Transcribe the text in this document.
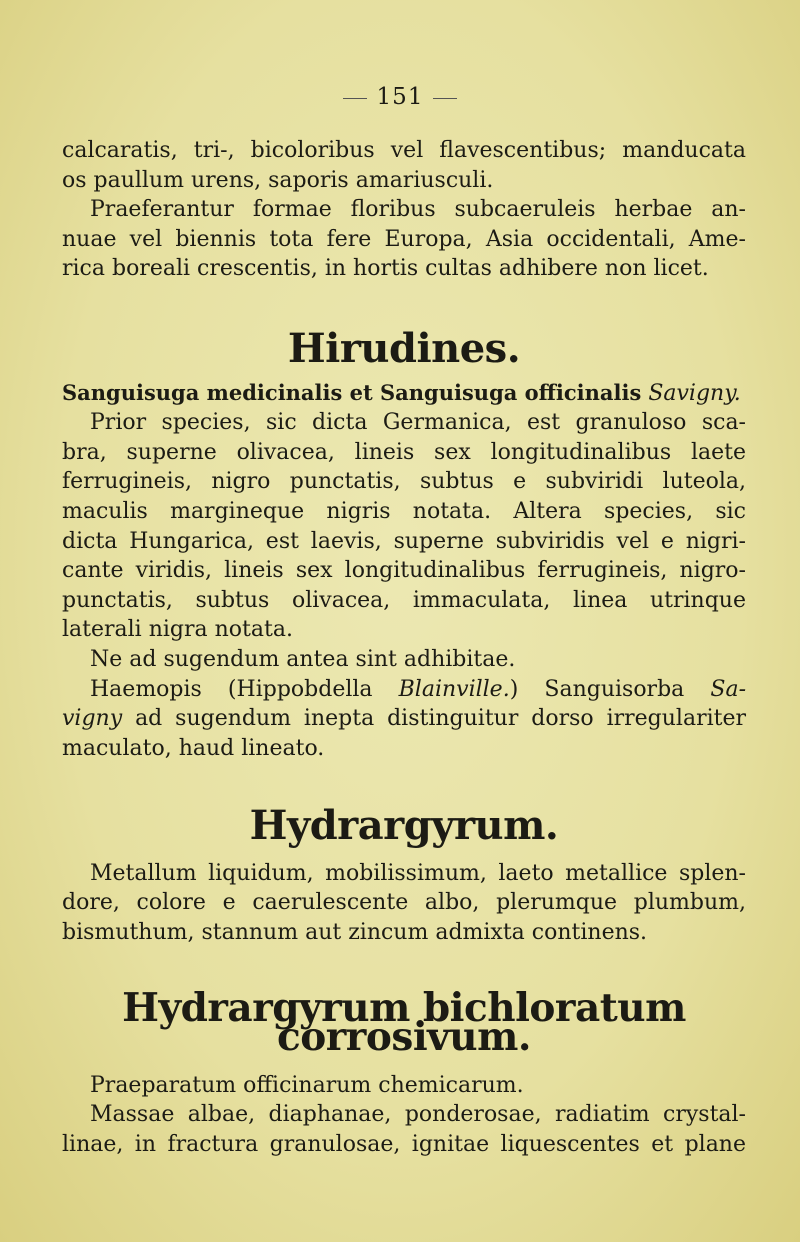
151

calcaratis, tri-, bicoloribus vel flavescentibus; manducata

os paullum urens, saporis amariusculi.

Praeferantur formae floribus subcaeruleis herbae an-

nuae vel biennis tota fere Europa, Asia occidentali, Ame-

rica boreali crescentis, in hortis cultas adhibere non licet.

Hirudines.

Sanguisuga medicinalis et Sanguisuga officinalis Savigny.

Prior species, sic dicta Germanica, est granuloso sca-

bra, superne olivacea, lineis sex longitudinalibus laete

ferrugineis, nigro punctatis, subtus e subviridi luteola,

maculis margineque nigris notata. Altera species, sic

dicta Hungarica, est laevis, superne subviridis vel e nigri-

cante viridis, lineis sex longitudinalibus ferrugineis, nigro-

punctatis, subtus olivacea, immaculata, linea utrinque

laterali nigra notata.

Ne ad sugendum antea sint adhibitae.

Haemopis (Hippobdella Blainville.) Sanguisorba Sa-

vigny ad sugendum inepta distinguitur dorso irregulariter

maculato, haud lineato.

Hydrargyrum.

Metallum liquidum, mobilissimum, laeto metallice splen-

dore, colore e caerulescente albo, plerumque plumbum,

bismuthum, stannum aut zincum admixta continens.

Hydrargyrum bichloratum corrosivum.

Praeparatum officinarum chemicarum.

Massae albae, diaphanae, ponderosae, radiatim crystal-

linae, in fractura granulosae, ignitae liquescentes et plane
